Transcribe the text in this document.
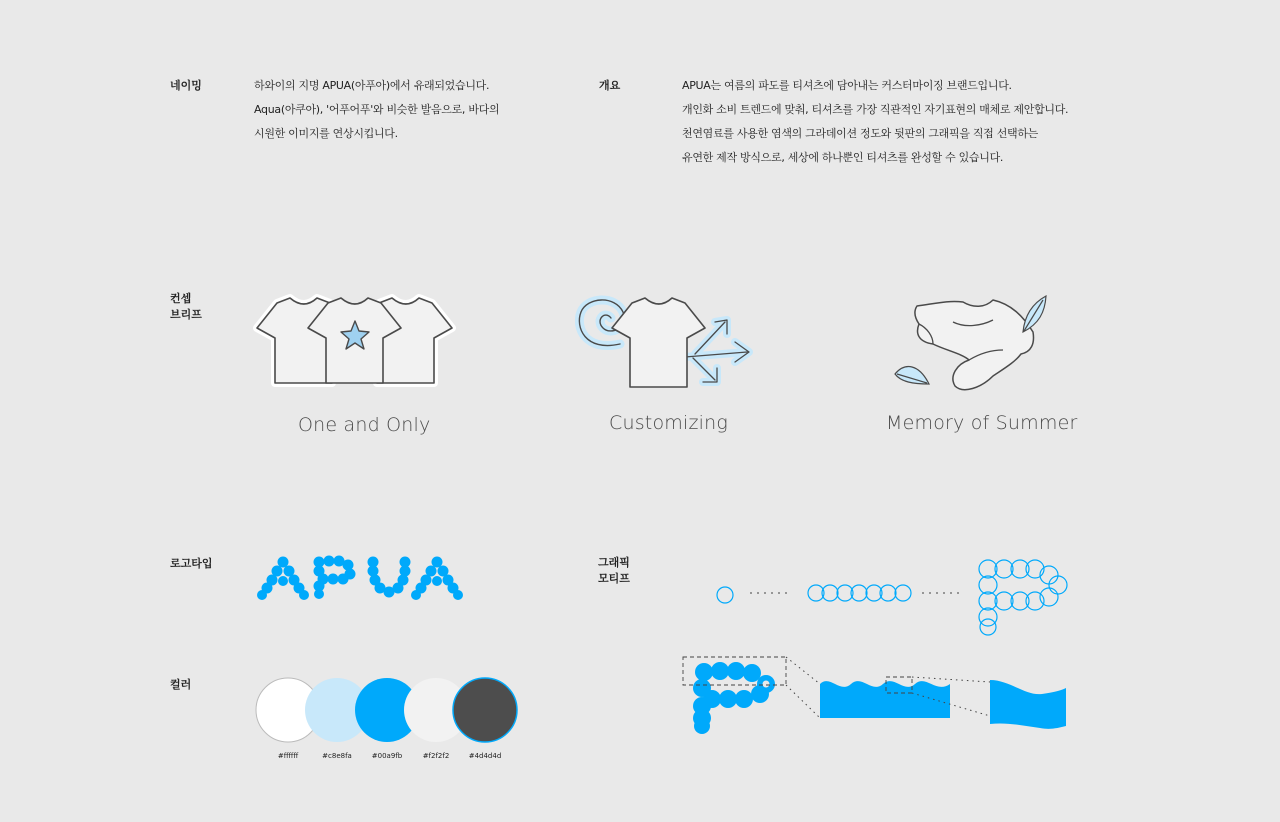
네이밍	하와이의 지명 APUA(아푸아)에서 유래되었습니다.
Aqua(아쿠아), '어푸어푸'와 비슷한 발음으로, 바다의
시원한 이미지를 연상시킵니다.
개요	APUA는 여름의 파도를 티셔츠에 담아내는 커스터마이징 브랜드입니다.
개인화 소비 트렌드에 맞춰, 티셔츠를 가장 직관적인 자기표현의 매체로 제안합니다.
천연염료를 사용한 염색의 그라데이션 정도와 뒷판의 그래픽을 직접 선택하는
유연한 제작 방식으로, 세상에 하나뿐인 티셔츠를 완성할 수 있습니다.
컨셉
브리프
One and Only	Customizing	Memory of Summer
로고타입	그래픽
모티프
컬러
#ffffff	#c8e8fa	#00a9fb	#f2f2f2	#4d4d4d
